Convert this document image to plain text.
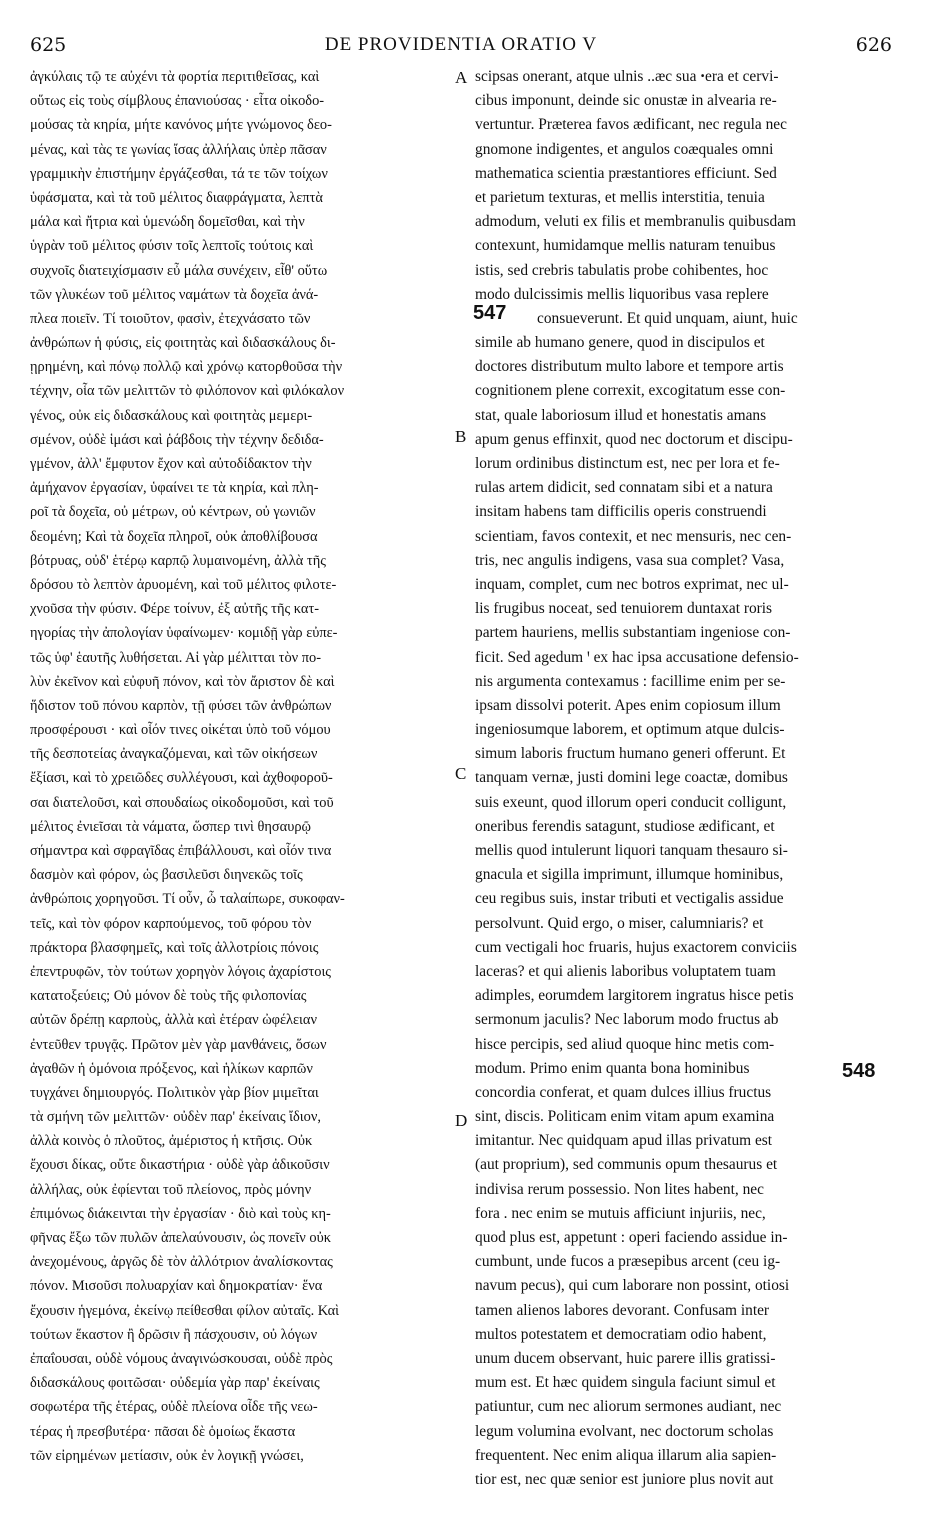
625	DE PROVIDENTIA ORATIO V	626
ἀγκύλαις τῷ τε αὐχένι τὰ φορτία περιτιθεῖσας, καὶ
οὕτως εἰς τοὺς σίμβλους ἐπανιούσας · εἶτα οἰκοδο-
μούσας τὰ κηρία, μήτε κανόνος μήτε γνώμονος δεο-
μένας, καὶ τὰς τε γωνίας ἴσας ἀλλήλαις ὑπὲρ πᾶσαν
γραμμικὴν ἐπιστήμην ἐργάζεσθαι, τά τε τῶν τοίχων
ὑφάσματα, καὶ τὰ τοῦ μέλιτος διαφράγματα, λεπτὰ
μάλα καὶ ἤτρια καὶ ὑμενώδη δομεῖσθαι, καὶ τὴν
ὑγρὰν τοῦ μέλιτος φύσιν τοῖς λεπτοῖς τούτοις καὶ
συχνοῖς διατειχίσμασιν εὖ μάλα συνέχειν, εἶθ' οὕτω
τῶν γλυκέων τοῦ μέλιτος ναμάτων τὰ δοχεῖα ἀνά-
πλεα ποιεῖν. Τί τοιοῦτον, φασὶν, ἐτεχνάσατο τῶν
ἀνθρώπων ἡ φύσις, εἰς φοιτητὰς καὶ διδασκάλους δι-
ῃρημένη, καὶ πόνῳ πολλῷ καὶ χρόνῳ κατορθοῦσα τὴν
τέχνην, οἷα τῶν μελιττῶν τὸ φιλόπονον καὶ φιλόκαλον
γένος, οὐκ εἰς διδασκάλους καὶ φοιτητὰς μεμερι-
σμένον, οὐδὲ ἱμάσι καὶ ῥάβδοις τὴν τέχνην δεδιδα-
γμένον, ἀλλ' ἔμφυτον ἔχον καὶ αὐτοδίδακτον τὴν
ἀμήχανον ἐργασίαν, ὑφαίνει τε τὰ κηρία, καὶ πλη-
ροῖ τὰ δοχεῖα, οὐ μέτρων, οὐ κέντρων, οὐ γωνιῶν
δεομένη; Καὶ τὰ δοχεῖα πληροῖ, οὐκ ἀποθλίβουσα
βότρυας, οὐδ' ἑτέρῳ καρπῷ λυμαινομένη, ἀλλὰ τῆς
δρόσου τὸ λεπτὸν ἀρυομένη, καὶ τοῦ μέλιτος φιλοτε-
χνοῦσα τὴν φύσιν. Φέρε τοίνυν, ἐξ αὐτῆς τῆς κατ-
ηγορίας τὴν ἀπολογίαν ὑφαίνωμεν· κομιδῇ γὰρ εὐπε-
τῶς ὑφ' ἑαυτῆς λυθήσεται. Αἱ γὰρ μέλιτται τὸν πο-
λὺν ἐκεῖνον καὶ εὐφυῆ πόνον, καὶ τὸν ἄριστον δὲ καὶ
ἥδιστον τοῦ πόνου καρπὸν, τῇ φύσει τῶν ἀνθρώπων
προσφέρουσι · καὶ οἷόν τινες οἰκέται ὑπὸ τοῦ νόμου
τῆς δεσποτείας ἀναγκαζόμεναι, καὶ τῶν οἰκήσεων
ἔξίασι, καὶ τὸ χρειῶδες συλλέγουσι, καὶ ἀχθοφοροῦ-
σαι διατελοῦσι, καὶ σπουδαίως οἰκοδομοῦσι, καὶ τοῦ
μέλιτος ἐνιεῖσαι τὰ νάματα, ὥσπερ τινὶ θησαυρῷ
σήμαντρα καὶ σφραγῖδας ἐπιβάλλουσι, καὶ οἷόν τινα
δασμὸν καὶ φόρον, ὡς βασιλεῦσι διηνεκῶς τοῖς
ἀνθρώποις χορηγοῦσι. Τί οὖν, ὦ ταλαίπωρε, συκοφαν-
τεῖς, καὶ τὸν φόρον καρπούμενος, τοῦ φόρου τὸν
πράκτορα βλασφημεῖς, καὶ τοῖς ἀλλοτρίοις πόνοις
ἐπεντρυφῶν, τὸν τούτων χορηγὸν λόγοις ἀχαρίστοις
κατατοξεύεις; Οὐ μόνον δὲ τοὺς τῆς φιλοπονίας
αὐτῶν δρέπῃ καρποὺς, ἀλλὰ καὶ ἑτέραν ὠφέλειαν
ἐντεῦθεν τρυγᾷς. Πρῶτον μὲν γὰρ μανθάνεις, ὅσων
ἀγαθῶν ἡ ὁμόνοια πρόξενος, καὶ ἡλίκων καρπῶν
τυγχάνει δημιουργός. Πολιτικὸν γὰρ βίον μιμεῖται
τὰ σμήνη τῶν μελιττῶν· οὐδὲν παρ' ἐκείναις ἴδιον,
ἀλλὰ κοινὸς ὁ πλοῦτος, ἀμέριστος ἡ κτῆσις. Οὐκ
ἔχουσι δίκας, οὔτε δικαστήρια · οὐδὲ γὰρ ἀδικοῦσιν
ἀλλήλας, οὐκ ἐφίενται τοῦ πλείονος, πρὸς μόνην
ἐπιμόνως διάκεινται τὴν ἐργασίαν · διὸ καὶ τοὺς κη-
φῆνας ἔξω τῶν πυλῶν ἀπελαύνουσιν, ὡς πονεῖν οὐκ
ἀνεχομένους, ἀργῶς δὲ τὸν ἀλλότριον ἀναλίσκοντας
πόνον. Μισοῦσι πολυαρχίαν καὶ δημοκρατίαν· ἕνα
ἔχουσιν ἡγεμόνα, ἐκείνῳ πείθεσθαι φίλον αὐταῖς. Καὶ
τούτων ἕκαστον ἢ δρῶσιν ἢ πάσχουσιν, οὐ λόγων
ἐπαΐουσαι, οὐδὲ νόμους ἀναγινώσκουσαι, οὐδὲ πρὸς
διδασκάλους φοιτῶσαι· οὐδεμία γὰρ παρ' ἐκείναις
σοφωτέρα τῆς ἑτέρας, οὐδὲ πλείονα οἶδε τῆς νεω-
τέρας ἡ πρεσβυτέρα· πᾶσαι δὲ ὁμοίως ἕκαστα
τῶν εἰρημένων μετίασιν, οὐκ ἐν λογικῇ γνώσει,
scipsas onerant, atque ulnis ..æc sua ꞏera et cervi-
cibus imponunt, deinde sic onustæ in alvearia re-
vertuntur. Præterea favos ædificant, nec regula nec
gnomone indigentes, et angulos coæquales omni
mathematica scientia præstantiores efficiunt. Sed
et parietum texturas, et mellis interstitia, tenuia
admodum, veluti ex filis et membranulis quibusdam
contexunt, humidamque mellis naturam tenuibus
istis, sed crebris tabulatis probe cohibentes, hoc
modo dulcissimis mellis liquoribus vasa replere
consueverunt. Et quid unquam, aiunt, huic
simile ab humano genere, quod in discipulos et
doctores distributum multo labore et tempore artis
cognitionem plene correxit, excogitatum esse con-
stat, quale laboriosum illud et honestatis amans
apum genus effinxit, quod nec doctorum et discipu-
lorum ordinibus distinctum est, nec per lora et fe-
rulas artem didicit, sed connatam sibi et a natura
insitam habens tam difficilis operis construendi
scientiam, favos contexit, et nec mensuris, nec cen-
tris, nec angulis indigens, vasa sua complet? Vasa,
inquam, complet, cum nec botros exprimat, nec ul-
lis frugibus noceat, sed tenuiorem duntaxat roris
partem hauriens, mellis substantiam ingeniose con-
ficit. Sed agedum ꞌ ex hac ipsa accusatione defensio-
nis argumenta contexamus : facillime enim per se-
ipsam dissolvi poterit. Apes enim copiosum illum
ingeniosumque laborem, et optimum atque dulcis-
simum laboris fructum humano generi offerunt. Et
tanquam vernæ, justi domini lege coactæ, domibus
suis exeunt, quod illorum operi conducit colligunt,
oneribus ferendis satagunt, studiose ædificant, et
mellis quod intulerunt liquori tanquam thesauro si-
gnacula et sigilla imprimunt, illumque hominibus,
ceu regibus suis, instar tributi et vectigalis assidue
persolvunt. Quid ergo, o miser, calumniaris? et
cum vectigali hoc fruaris, hujus exactorem conviciis
laceras? et qui alienis laboribus voluptatem tuam
adimples, eorumdem largitorem ingratus hisce petis
sermonum jaculis? Nec laborum modo fructus ab
hisce percipis, sed aliud quoque hinc metis com-
modum. Primo enim quanta bona hominibus
concordia conferat, et quam dulces illius fructus
sint, discis. Politicam enim vitam apum examina
imitantur. Nec quidquam apud illas privatum est
(aut proprium), sed communis opum thesaurus et
indivisa rerum possessio. Non lites habent, nec
fora . nec enim se mutuis afficiunt injuriis, nec,
quod plus est, appetunt : operi faciendo assidue in-
cumbunt, unde fucos a præsepibus arcent (ceu ig-
navum pecus), qui cum laborare non possint, otiosi
tamen alienos labores devorant. Confusam inter
multos potestatem et democratiam odio habent,
unum ducem observant, huic parere illis gratissi-
mum est. Et hæc quidem singula faciunt simul et
patiuntur, cum nec aliorum sermones audiant, nec
legum volumina evolvant, nec doctorum scholas
frequentent. Nec enim aliqua illarum alia sapien-
tior est, nec quæ senior est juniore plus novit aut
A
B
C
D
547
548
